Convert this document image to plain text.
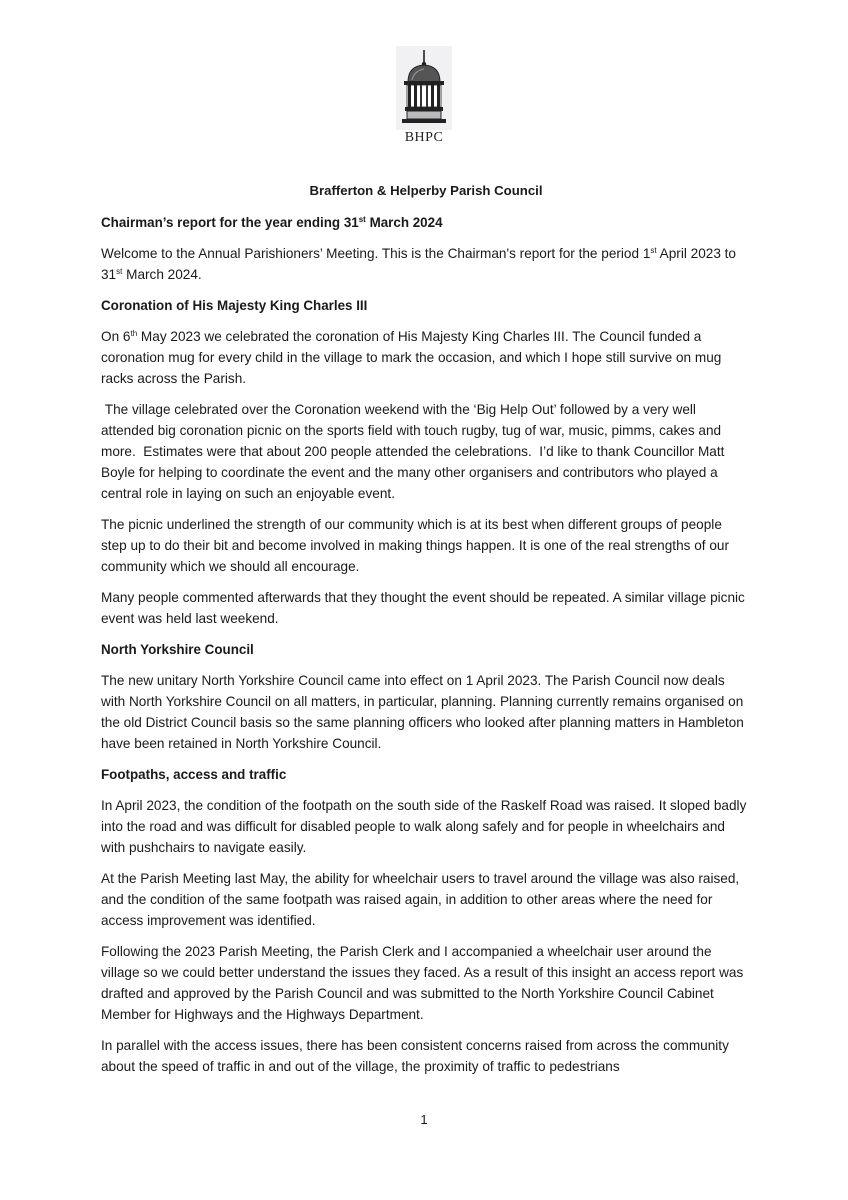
BHPC
Brafferton & Helperby Parish Council
Chairman’s report for the year ending 31st March 2024

Welcome to the Annual Parishioners’ Meeting. This is the Chairman's report for the period 1st April 2023 to 31st March 2024.

Coronation of His Majesty King Charles III

On 6th May 2023 we celebrated the coronation of His Majesty King Charles III. The Council funded a coronation mug for every child in the village to mark the occasion, and which I hope still survive on mug racks across the Parish.

The village celebrated over the Coronation weekend with the ‘Big Help Out’ followed by a very well attended big coronation picnic on the sports field with touch rugby, tug of war, music, pimms, cakes and more.  Estimates were that about 200 people attended the celebrations.  I’d like to thank Councillor Matt Boyle for helping to coordinate the event and the many other organisers and contributors who played a central role in laying on such an enjoyable event.

The picnic underlined the strength of our community which is at its best when different groups of people step up to do their bit and become involved in making things happen. It is one of the real strengths of our community which we should all encourage.

Many people commented afterwards that they thought the event should be repeated. A similar village picnic event was held last weekend.

North Yorkshire Council

The new unitary North Yorkshire Council came into effect on 1 April 2023. The Parish Council now deals with North Yorkshire Council on all matters, in particular, planning. Planning currently remains organised on the old District Council basis so the same planning officers who looked after planning matters in Hambleton have been retained in North Yorkshire Council.

Footpaths, access and traffic

In April 2023, the condition of the footpath on the south side of the Raskelf Road was raised. It sloped badly into the road and was difficult for disabled people to walk along safely and for people in wheelchairs and with pushchairs to navigate easily.

At the Parish Meeting last May, the ability for wheelchair users to travel around the village was also raised, and the condition of the same footpath was raised again, in addition to other areas where the need for access improvement was identified.

Following the 2023 Parish Meeting, the Parish Clerk and I accompanied a wheelchair user around the village so we could better understand the issues they faced. As a result of this insight an access report was drafted and approved by the Parish Council and was submitted to the North Yorkshire Council Cabinet Member for Highways and the Highways Department.

In parallel with the access issues, there has been consistent concerns raised from across the community about the speed of traffic in and out of the village, the proximity of traffic to pedestrians

1
